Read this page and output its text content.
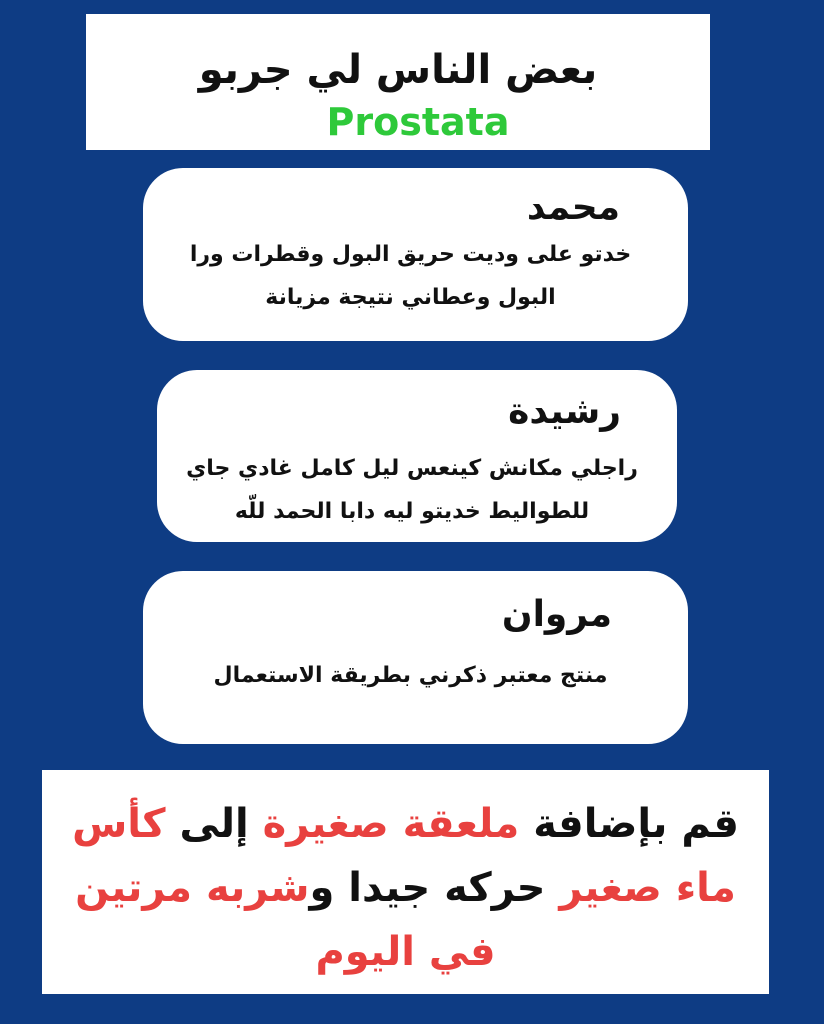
بعض الناس لي جربو
Prostata
محمد
خدتو على وديت حريق البول وقطرات ورا
البول وعطاني نتيجة مزيانة
رشيدة
راجلي مكانش كينعس ليل كامل غادي جاي
للطواليط خديتو ليه دابا الحمد للّه
مروان
منتج معتبر ذكرني بطريقة الاستعمال
قم بإضافة ملعقة صغيرة إلى كأس
ماء صغير حركه جيدا وشربه مرتين
في اليوم
